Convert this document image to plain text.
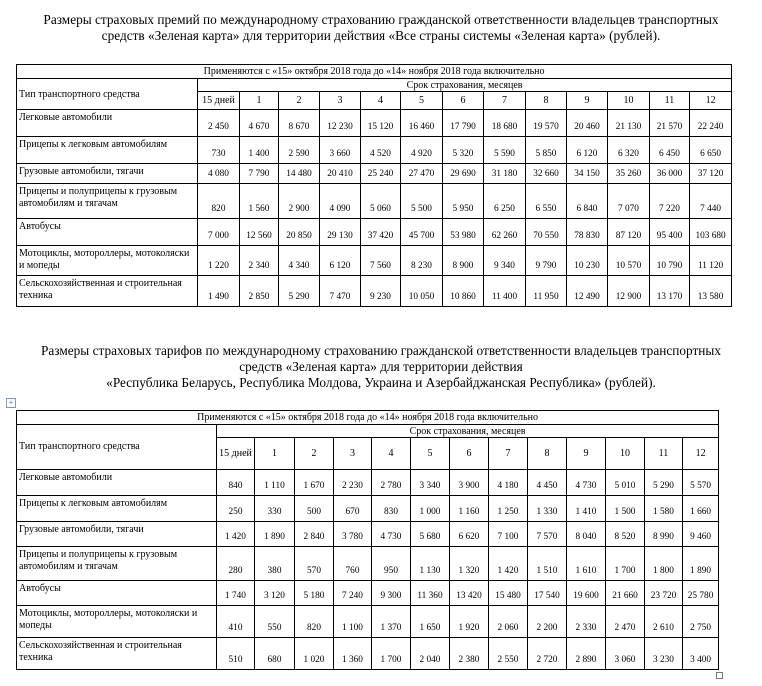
Размеры страховых премий по международному страхованию гражданской ответственности владельцев транспортных
средств «Зеленая карта» для территории действия «Все страны системы «Зеленая карта» (рублей).
Применяются с «15» октября 2018 года до «14» ноября 2018 года включительно													
Тип транспортного средства	Срок страхования, месяцев												
	15 дней	1	2	3	4	5	6	7	8	9	10	11	12
Легковые автомобили	2 450	4 670	8 670	12 230	15 120	16 460	17 790	18 680	19 570	20 460	21 130	21 570	22 240
Прицепы к легковым автомобилям	730	1 400	2 590	3 660	4 520	4 920	5 320	5 590	5 850	6 120	6 320	6 450	6 650
Грузовые автомобили, тягачи	4 080	7 790	14 480	20 410	25 240	27 470	29 690	31 180	32 660	34 150	35 260	36 000	37 120
Прицепы и полуприцепы к грузовым автомобилям и тягачам	820	1 560	2 900	4 090	5 060	5 500	5 950	6 250	6 550	6 840	7 070	7 220	7 440
Автобусы	7 000	12 560	20 850	29 130	37 420	45 700	53 980	62 260	70 550	78 830	87 120	95 400	103 680
Мотоциклы, мотороллеры, мотоколяски и мопеды	1 220	2 340	4 340	6 120	7 560	8 230	8 900	9 340	9 790	10 230	10 570	10 790	11 120
Сельскохозяйственная и строительная техника	1 490	2 850	5 290	7 470	9 230	10 050	10 860	11 400	11 950	12 490	12 900	13 170	13 580
Размеры страховых тарифов по международному страхованию гражданской ответственности владельцев транспортных
средств «Зеленая карта» для территории действия
«Республика Беларусь, Республика Молдова, Украина и Азербайджанская Республика» (рублей).
+
Применяются с «15» октября 2018 года до «14» ноября 2018 года включительно													
Тип транспортного средства	Срок страхования, месяцев												
	15 дней	1	2	3	4	5	6	7	8	9	10	11	12
Легковые автомобили	840	1 110	1 670	2 230	2 780	3 340	3 900	4 180	4 450	4 730	5 010	5 290	5 570
Прицепы к легковым автомобилям	250	330	500	670	830	1 000	1 160	1 250	1 330	1 410	1 500	1 580	1 660
Грузовые автомобили, тягачи	1 420	1 890	2 840	3 780	4 730	5 680	6 620	7 100	7 570	8 040	8 520	8 990	9 460
Прицепы и полуприцепы к грузовым автомобилям и тягачам	280	380	570	760	950	1 130	1 320	1 420	1 510	1 610	1 700	1 800	1 890
Автобусы	1 740	3 120	5 180	7 240	9 300	11 360	13 420	15 480	17 540	19 600	21 660	23 720	25 780
Мотоциклы, мотороллеры, мотоколяски и мопеды	410	550	820	1 100	1 370	1 650	1 920	2 060	2 200	2 330	2 470	2 610	2 750
Сельскохозяйственная и строительная техника	510	680	1 020	1 360	1 700	2 040	2 380	2 550	2 720	2 890	3 060	3 230	3 400
